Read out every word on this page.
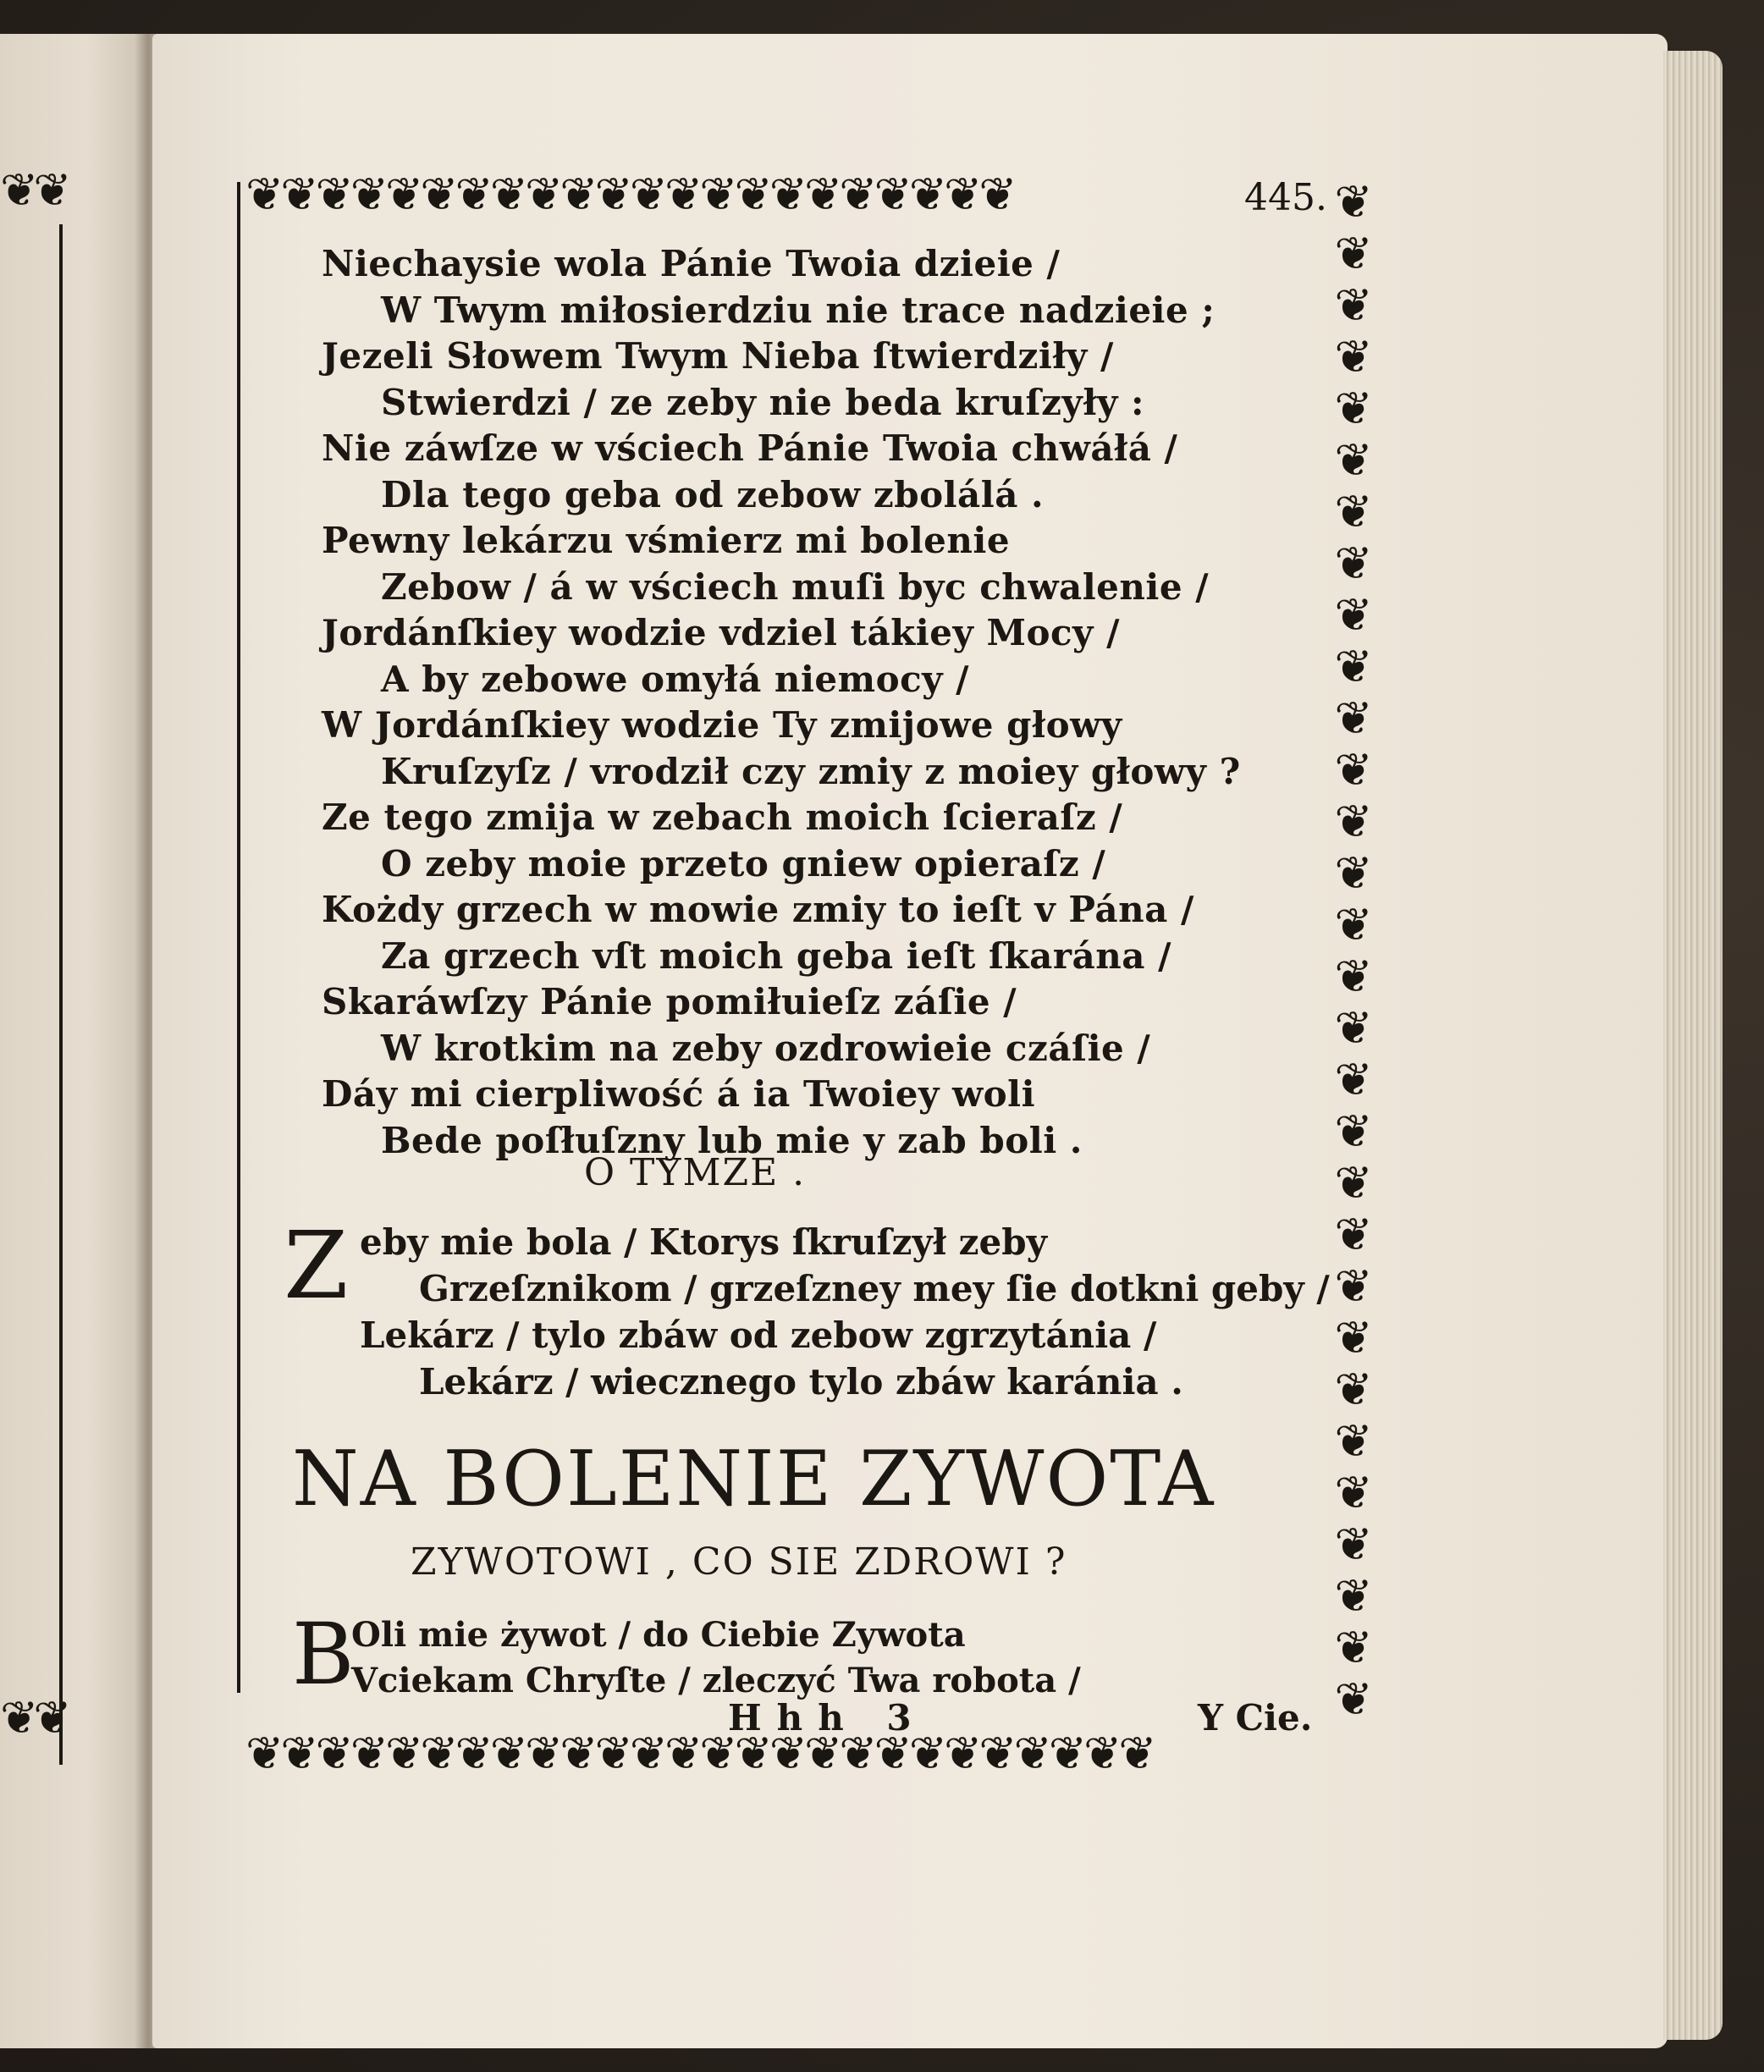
❦❦
❦❦
❦ ❦ ❦ ❦ ❦ ❦ ❦ ❦ ❦ ❦ ❦ ❦ ❦ ❦ ❦ ❦ ❦ ❦ ❦ ❦ ❦ ❦
❦ ❦ ❦ ❦ ❦ ❦ ❦ ❦ ❦ ❦ ❦ ❦ ❦ ❦ ❦ ❦ ❦ ❦ ❦ ❦ ❦ ❦ ❦ ❦ ❦ ❦
❦
❦
❦
❦
❦
❦
❦
❦
❦
❦
❦
❦
❦
❦
❦
❦
❦
❦
❦
❦
❦
❦
❦
❦
❦
❦
❦
❦
❦
❦
445.
Niechaysie wola Pánie Twoia dzieie /
W Twym miłosierdziu nie trace nadzieie ;
Jezeli Słowem Twym Nieba ſtwierdziły /
Stwierdzi / ze zeby nie beda kruſzyły :
Nie záwſze w vściech Pánie Twoia chwáłá /
Dla tego geba od zebow zbolálá .
Pewny lekárzu vśmierz mi bolenie
Zebow / á w vściech muſi byc chwalenie /
Jordánſkiey wodzie vdziel tákiey Mocy /
A by zebowe omyłá niemocy /
W Jordánſkiey wodzie Ty zmijowe głowy
Kruſzyſz / vrodził czy zmiy z moiey głowy ?
Ze tego zmija w zebach moich ſcieraſz /
O zeby moie przeto gniew opieraſz /
Kożdy grzech w mowie zmiy to ieſt v Pána /
Za grzech vſt moich geba ieſt ſkarána /
Skaráwſzy Pánie pomiłuieſz záſie /
W krotkim na zeby ozdrowieie czáſie /
Dáy mi cierpliwość á ia Twoiey woli
Bede poſłuſzny lub mie y zab boli .
O TYMZE .
Z eby mie bola / Ktorys ſkruſzył zeby
Grzeſznikom / grzeſzney mey ſie dotkni geby /
Lekárz / tylo zbáw od zebow zgrzytánia /
Lekárz / wiecznego tylo zbáw karánia .
NA BOLENIE ZYWOTA
ZYWOTOWI , CO SIE ZDROWI ?
B
Oli mie żywot / do Ciebie Zywota
Vciekam Chryſte / zleczyć Twa robota /
Hhh 3	Y Cie.
